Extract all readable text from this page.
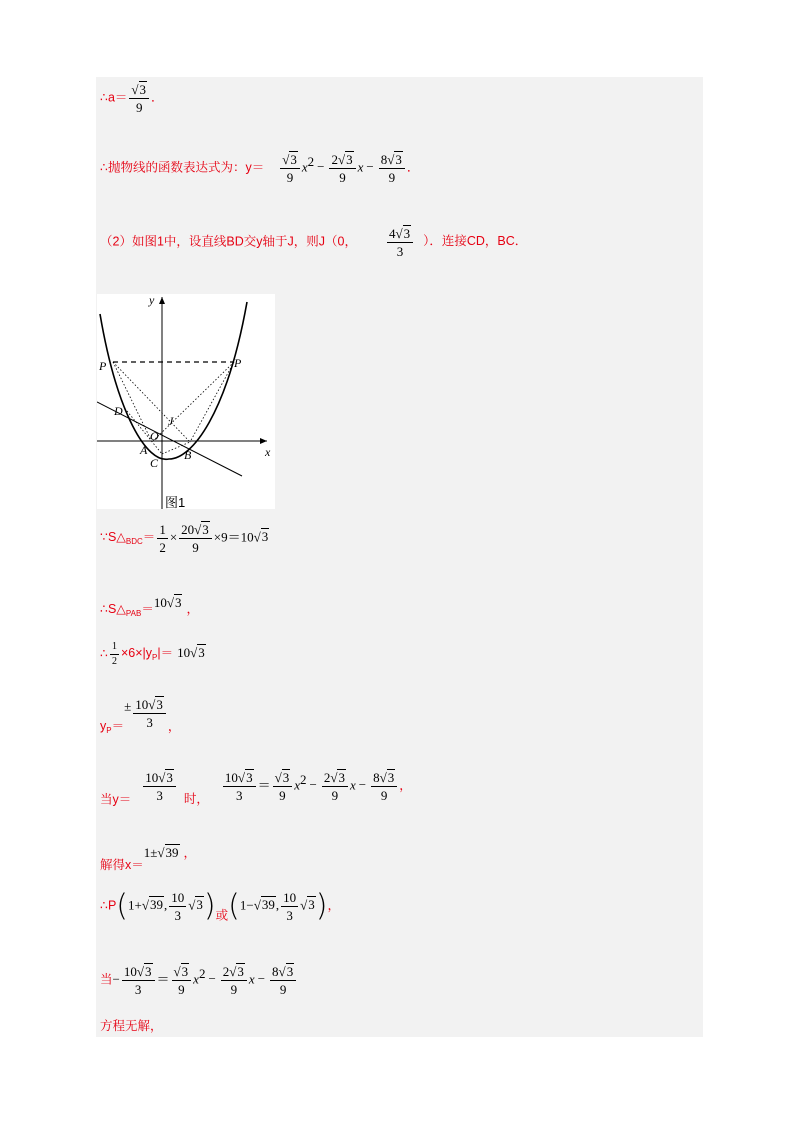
∴a＝ $\frac{√3}{9}$ ．
∴抛物线的函数表达式为：$y= \frac{√3}{9} x^2 - \frac{2√3}{9}$ $x - \frac{8√3}{9}$ ．
（2）如图1中，设直线BD交y轴于J，则J（0， $\frac{4√3}{3}$ ）．连接CD，BC．
y
x
P	P
D
J
O
A	B
C
图1
$\because S\triangle_{BDC}= \frac{1}{2} \times \frac{20√3}{9} \times 9=10√3$
$\therefore S\triangle_{PAB}=10√3$ ，
∴ $\frac{1}{2} \times 6\times|y_P|= 10√3$
$y_P=\pm \frac{10√3}{3}$ ，
当$y= \frac{10√3}{3}$ 时， $\frac{10√3}{3} = \frac{√3}{9} x^2 - \frac{2√3}{9}$ $x - \frac{8√3}{9}$ ，
解得x＝1±√39 ，
∴P(1+√39, $\frac{10}{3} √3$)或(1−√39, $\frac{10}{3} √3$)，
当− $\frac{10√3}{3} = \frac{√3}{9} x^2 - \frac{2√3}{9}$ $x - \frac{8√3}{9}$
方程无解，
